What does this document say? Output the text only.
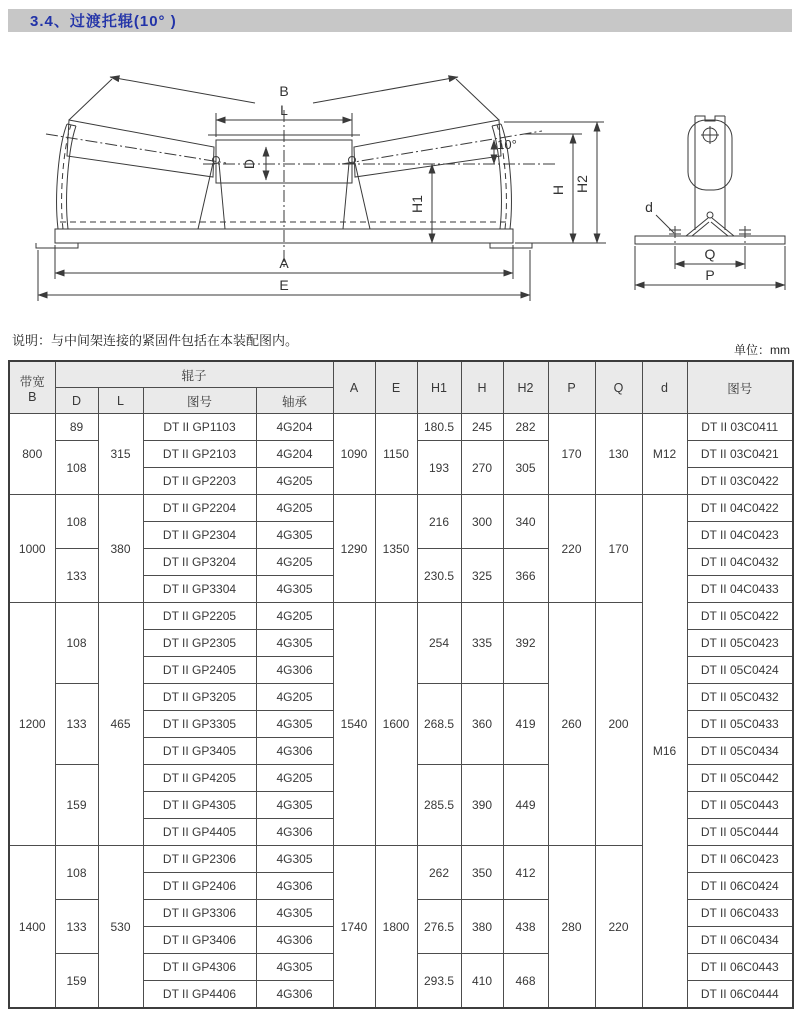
3.4、过渡托辊(10° )
B
L
D
10°
H1
H H2
A
E
d
Q
P
说明：与中间架连接的紧固件包括在本装配图内。
单位：mm
带宽
B	辊子				A	E	H1	H	H2	P	Q	d	图号
	D	L	图号	轴承									
800	89	315	DT II GP1103	4G204	1090	1150	180.5	245	282	170	130	M12	DT II 03C0411
	108		DT II GP2103	4G204			193	270	305				DT II 03C0421
			DT II GP2203	4G205									DT II 03C0422
1000	108	380	DT II GP2204	4G205	1290	1350	216	300	340	220	170	M16	DT II 04C0422
			DT II GP2304	4G305									DT II 04C0423
	133		DT II GP3204	4G205			230.5	325	366				DT II 04C0432
			DT II GP3304	4G305									DT II 04C0433
1200	108	465	DT II GP2205	4G205	1540	1600	254	335	392	260	200		DT II 05C0422
			DT II GP2305	4G305									DT II 05C0423
			DT II GP2405	4G306									DT II 05C0424
	133		DT II GP3205	4G205			268.5	360	419				DT II 05C0432
			DT II GP3305	4G305									DT II 05C0433
			DT II GP3405	4G306									DT II 05C0434
	159		DT II GP4205	4G205			285.5	390	449				DT II 05C0442
			DT II GP4305	4G305									DT II 05C0443
			DT II GP4405	4G306									DT II 05C0444
1400	108	530	DT II GP2306	4G305	1740	1800	262	350	412	280	220		DT II 06C0423
			DT II GP2406	4G306									DT II 06C0424
	133		DT II GP3306	4G305			276.5	380	438				DT II 06C0433
			DT II GP3406	4G306									DT II 06C0434
	159		DT II GP4306	4G305			293.5	410	468				DT II 06C0443
			DT II GP4406	4G306									DT II 06C0444
